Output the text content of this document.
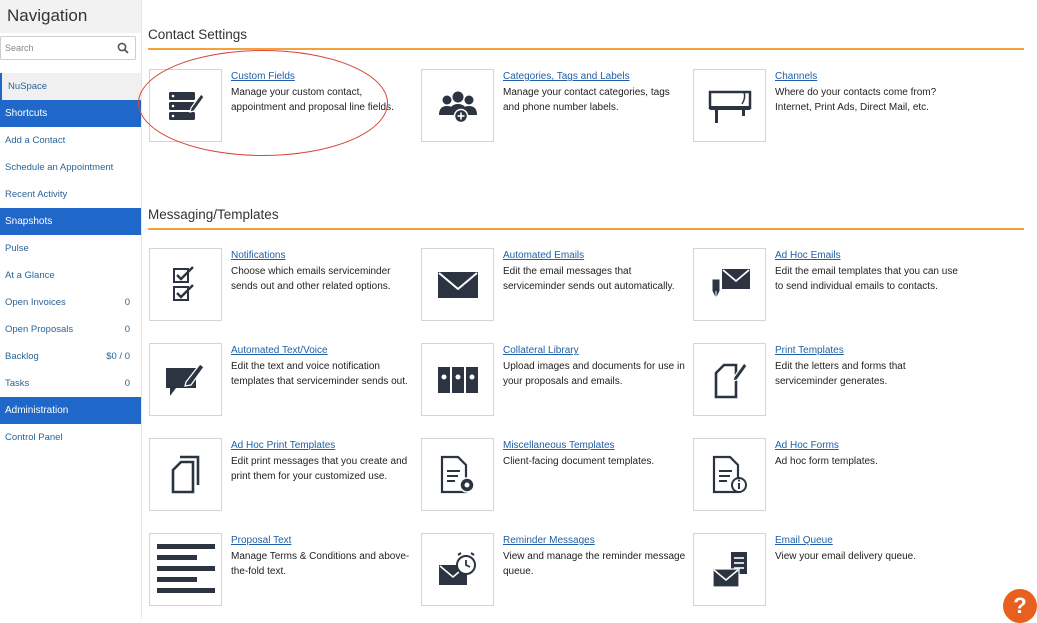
Navigation
Search
NuSpace
Shortcuts
Add a Contact
Schedule an Appointment
Recent Activity
Snapshots
Pulse
At a Glance
Open Invoices	0
Open Proposals	0
Backlog	$0 / 0
Tasks	0
Administration
Control Panel
Contact Settings
Messaging/Templates
Custom Fields
Manage your custom contact, appointment and proposal line fields.
Categories, Tags and Labels
Manage your contact categories, tags and phone number labels.
Channels
Where do your contacts come from? Internet, Print Ads, Direct Mail, etc.
Notifications
Choose which emails serviceminder sends out and other related options.
Automated Emails
Edit the email messages that serviceminder sends out automatically.
Ad Hoc Emails
Edit the email templates that you can use to send individual emails to contacts.
Automated Text/Voice
Edit the text and voice notification templates that serviceminder sends out.
Collateral Library
Upload images and documents for use in your proposals and emails.
Print Templates
Edit the letters and forms that serviceminder generates.
Ad Hoc Print Templates
Edit print messages that you create and print them for your customized use.
Miscellaneous Templates
Client-facing document templates.
Ad Hoc Forms
Ad hoc form templates.
Proposal Text
Manage Terms & Conditions and above-the-fold text.
Reminder Messages
View and manage the reminder message queue.
Email Queue
View your email delivery queue.
?
